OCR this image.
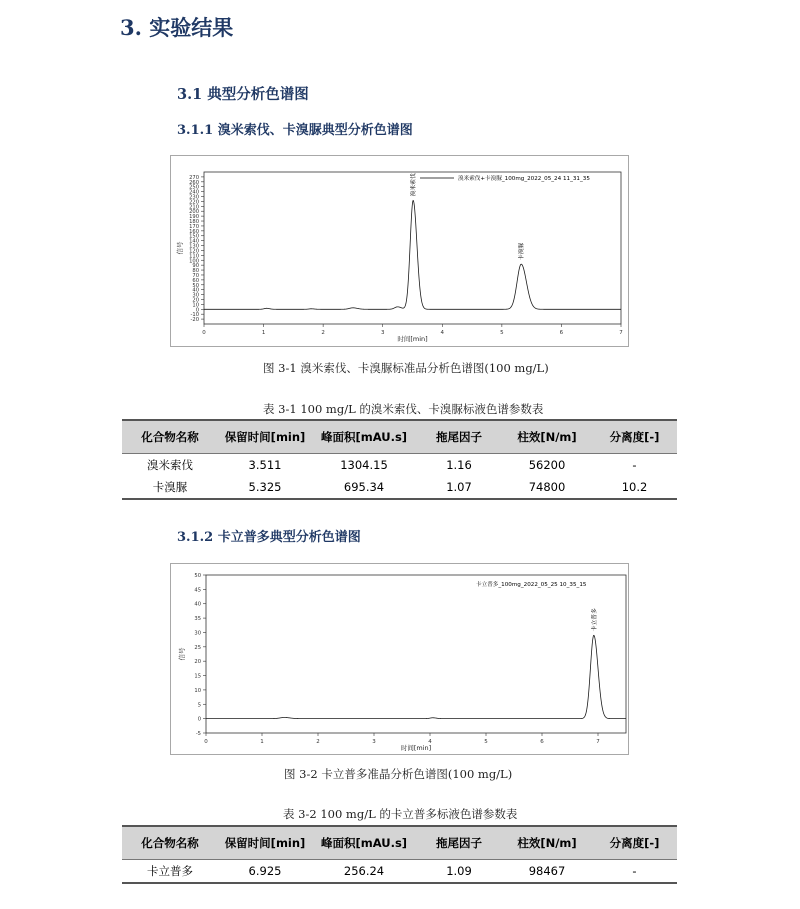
3. 实验结果
3.1 典型分析色谱图
3.1.1 溴米索伐、卡溴脲典型分析色谱图
-20
-10
0
10
20
30
40
50
60
70
80
90
100
110
120
130
140
150
160
170
180
190
200
210
220
230
240
250
260
270
0	1	2	3	4	5	6	7
时间[min]
信号
溴米索伐+卡溴脲_100mg_2022_05_24 11_31_35
溴米索伐
卡溴脲
图 3-1 溴米索伐、卡溴脲标准品分析色谱图(100 mg/L)
表 3-1 100 mg/L 的溴米索伐、卡溴脲标液色谱参数表
化合物名称	保留时间[min]	峰面积[mAU.s]	拖尾因子	柱效[N/m]	分离度[-]
溴米索伐	3.511	1304.15	1.16	56200	-
卡溴脲	5.325	695.34	1.07	74800	10.2
3.1.2 卡立普多典型分析色谱图
-5
0
5
10
15
20
25
30
35
40
45
50
0	1	2	3	4	5	6	7
时间[min]
信号
卡立普多_100mg_2022_05_25 10_35_15
卡立普多
图 3-2 卡立普多准晶分析色谱图(100 mg/L)
表 3-2 100 mg/L 的卡立普多标液色谱参数表
化合物名称	保留时间[min]	峰面积[mAU.s]	拖尾因子	柱效[N/m]	分离度[-]
卡立普多	6.925	256.24	1.09	98467	-
